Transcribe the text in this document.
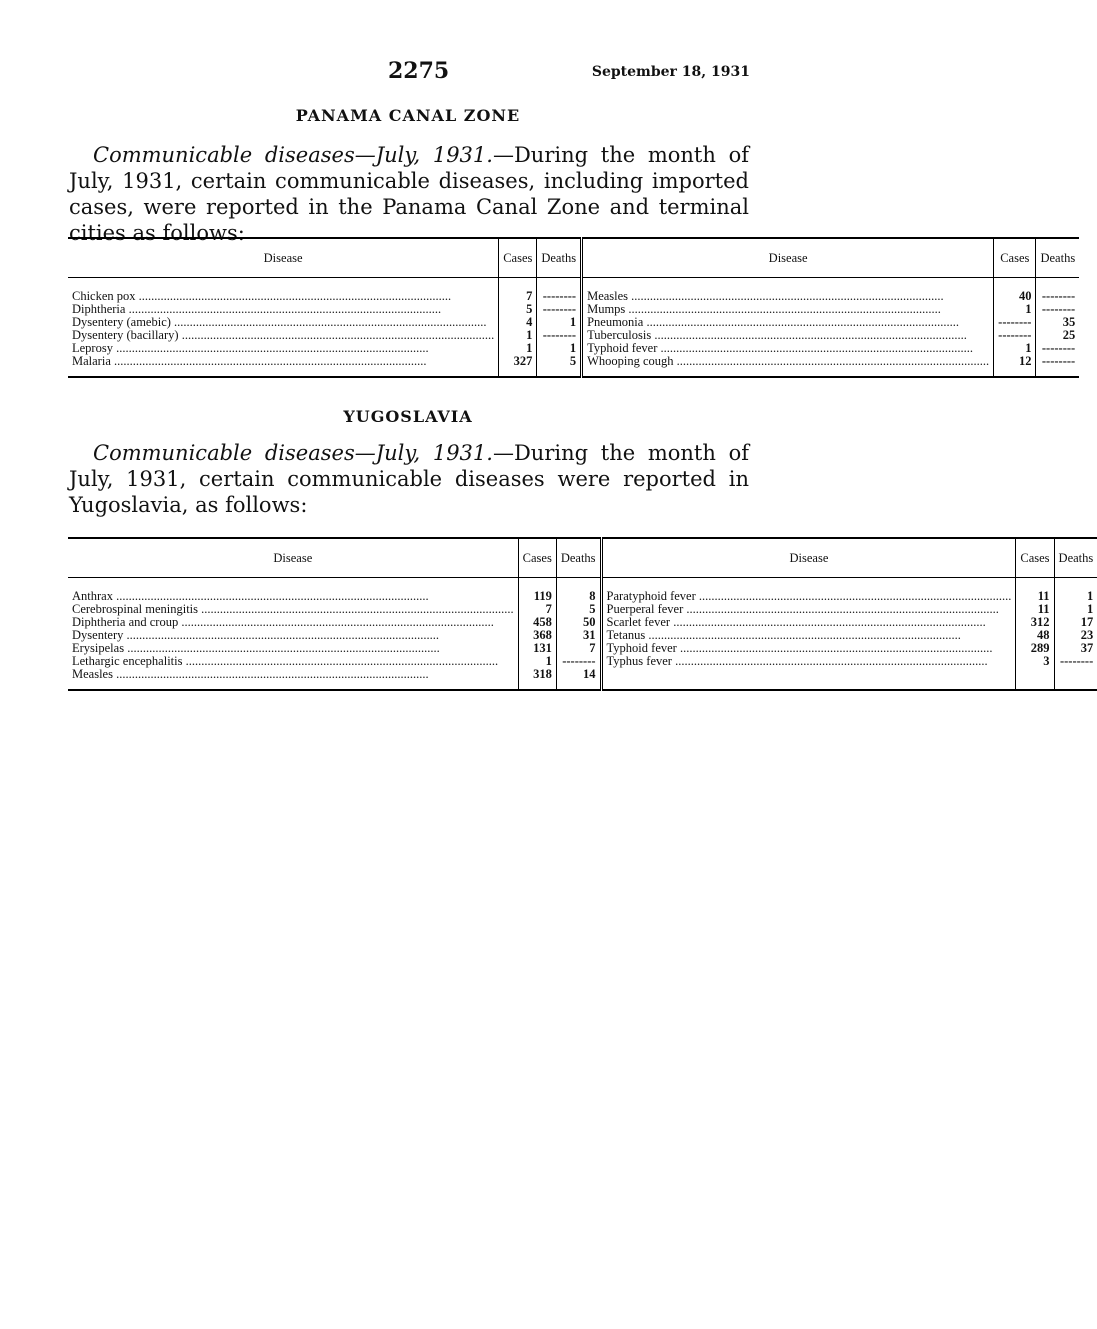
2275	September 18, 1931
PANAMA CANAL ZONE
Communicable diseases—July, 1931.—During the month of July, 1931, certain communicable diseases, including imported cases, were reported in the Panama Canal Zone and terminal cities as follows:
Disease	Cases	Deaths	Disease	Cases	Deaths

Chicken pox .....	7	--------	Measles .....	40	--------

Diphtheria .....	5	--------	Mumps .....	1	--------

Dysentery (amebic) .....	4	1	Pneumonia .....	--------	35

Dysentery (bacillary) .....	1	--------	Tuberculosis .....	--------	25

Leprosy .....	1	1	Typhoid fever .....	1	--------

Malaria .....	327	5	Whooping cough .....	12	--------

YUGOSLAVIA
Communicable diseases—July, 1931.—During the month of July, 1931, certain communicable diseases were reported in Yugoslavia, as follows:
Disease	Cases	Deaths	Disease	Cases	Deaths

Anthrax .....	119	8	Paratyphoid fever .....	11	1

Cerebrospinal meningitis .....	7	5	Puerperal fever .....	11	1

Diphtheria and croup .....	458	50	Scarlet fever .....	312	17

Dysentery .....	368	31	Tetanus .....	48	23

Erysipelas .....	131	7	Typhoid fever .....	289	37

Lethargic encephalitis .....	1	--------	Typhus fever .....	3	--------

Measles .....	318	14			
